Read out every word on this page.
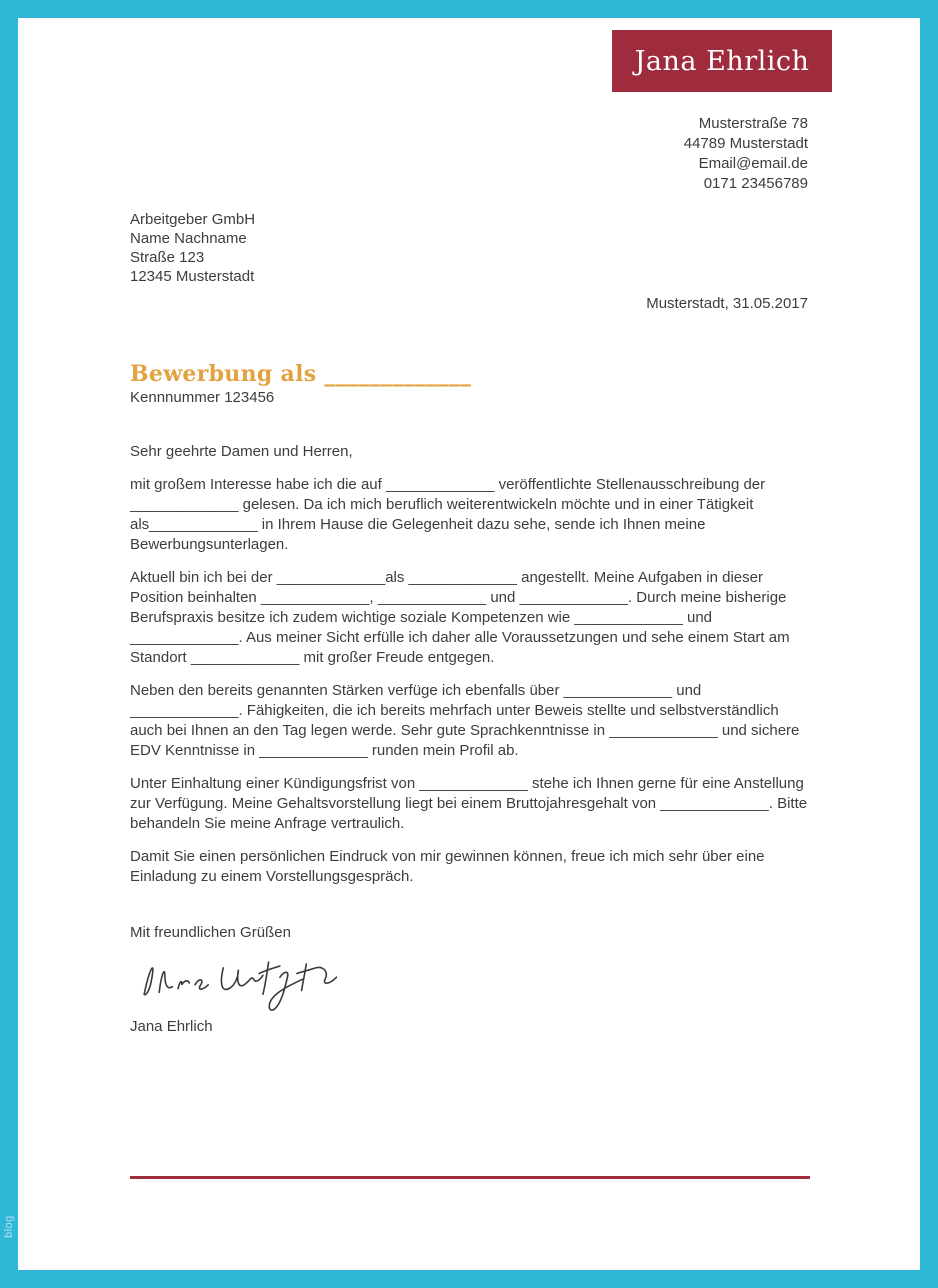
Jana Ehrlich
Musterstraße 78
44789 Musterstadt
Email@email.de
0171 23456789
Arbeitgeber GmbH
Name Nachname
Straße 123
12345 Musterstadt
Musterstadt, 31.05.2017
Bewerbung als _____________
Kennnummer 123456
Sehr geehrte Damen und Herren,

mit großem Interesse habe ich die auf _____________ veröffentlichte Stellenausschreibung der _____________ gelesen. Da ich mich beruflich weiterentwickeln möchte und in einer Tätigkeit als_____________ in Ihrem Hause die Gelegenheit dazu sehe, sende ich Ihnen meine Bewerbungsunterlagen.

Aktuell bin ich bei der _____________als _____________ angestellt. Meine Aufgaben in dieser Position beinhalten _____________, _____________ und _____________. Durch meine bisherige Berufspraxis besitze ich zudem wichtige soziale Kompetenzen wie _____________ und _____________. Aus meiner Sicht erfülle ich daher alle Voraussetzungen und sehe einem Start am Standort _____________ mit großer Freude entgegen.

Neben den bereits genannten Stärken verfüge ich ebenfalls über _____________ und _____________. Fähigkeiten, die ich bereits mehrfach unter Beweis stellte und selbstverständlich auch bei Ihnen an den Tag legen werde. Sehr gute Sprachkenntnisse in _____________ und sichere EDV Kenntnisse in _____________ runden mein Profil ab.

Unter Einhaltung einer Kündigungsfrist von _____________ stehe ich Ihnen gerne für eine Anstellung zur Verfügung. Meine Gehaltsvorstellung liegt bei einem Bruttojahresgehalt von _____________. Bitte behandeln Sie meine Anfrage vertraulich.

Damit Sie einen persönlichen Eindruck von mir gewinnen können, freue ich mich sehr über eine Einladung zu einem Vorstellungsgespräch.

Mit freundlichen Grüßen
Jana Ehrlich
blog
